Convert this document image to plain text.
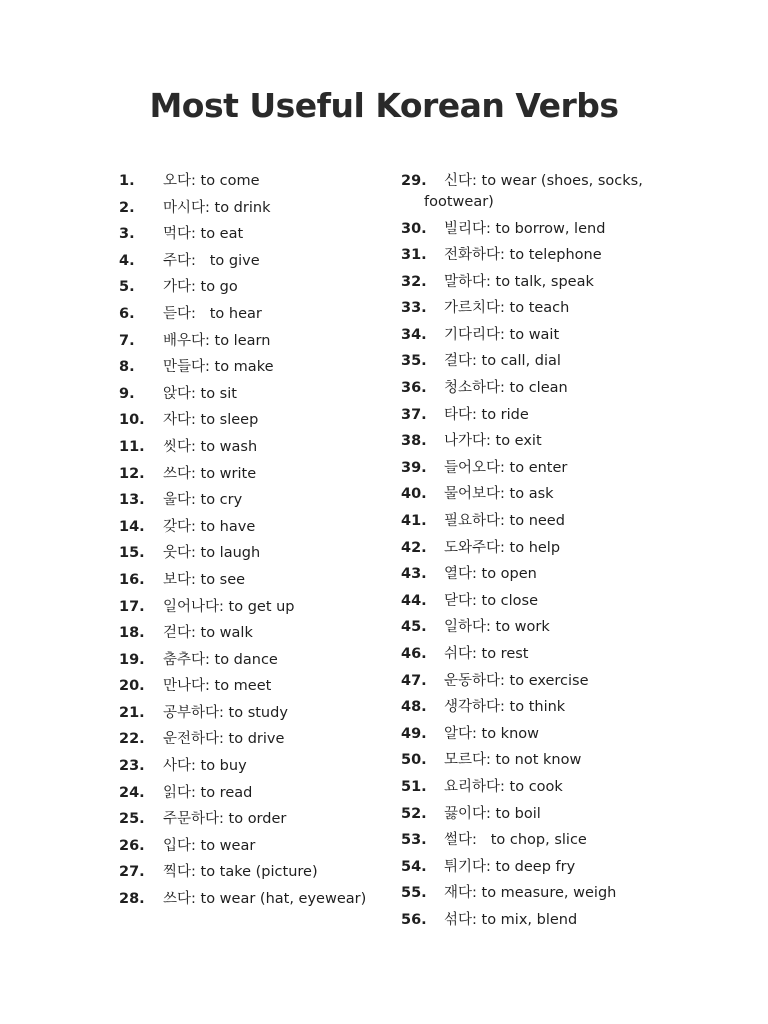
Most Useful Korean Verbs
1. 오다: to come
2. 마시다: to drink
3. 먹다: to eat
4. 주다:   to give
5. 가다: to go
6. 듣다:   to hear
7. 배우다: to learn
8. 만들다: to make
9. 앉다: to sit
10. 자다: to sleep
11. 씻다: to wash
12. 쓰다: to write
13. 울다: to cry
14. 갖다: to have
15. 웃다: to laugh
16. 보다: to see
17. 일어나다: to get up
18. 걷다: to walk
19. 춤추다: to dance
20. 만나다: to meet
21. 공부하다: to study
22. 운전하다: to drive
23. 사다: to buy
24. 읽다: to read
25. 주문하다: to order
26. 입다: to wear
27. 찍다: to take (picture)
28.	쓰다: to wear (hat, eyewear)
29.	신다: to wear (shoes, socks, footwear)
30. 빌리다: to borrow, lend
31. 전화하다: to telephone
32. 말하다: to talk, speak
33. 가르치다: to teach
34. 기다리다: to wait
35. 걸다: to call, dial
36. 청소하다: to clean
37. 타다: to ride
38. 나가다: to exit
39. 들어오다: to enter
40. 물어보다: to ask
41. 필요하다: to need
42. 도와주다: to help
43. 열다: to open
44. 닫다: to close
45. 일하다: to work
46. 쉬다: to rest
47. 운동하다: to exercise
48. 생각하다: to think
49. 알다: to know
50. 모르다: to not know
51. 요리하다: to cook
52. 끓이다: to boil
53. 썰다:   to chop, slice
54. 튀기다: to deep fry
55. 재다: to measure, weigh
56. 섞다: to mix, blend
